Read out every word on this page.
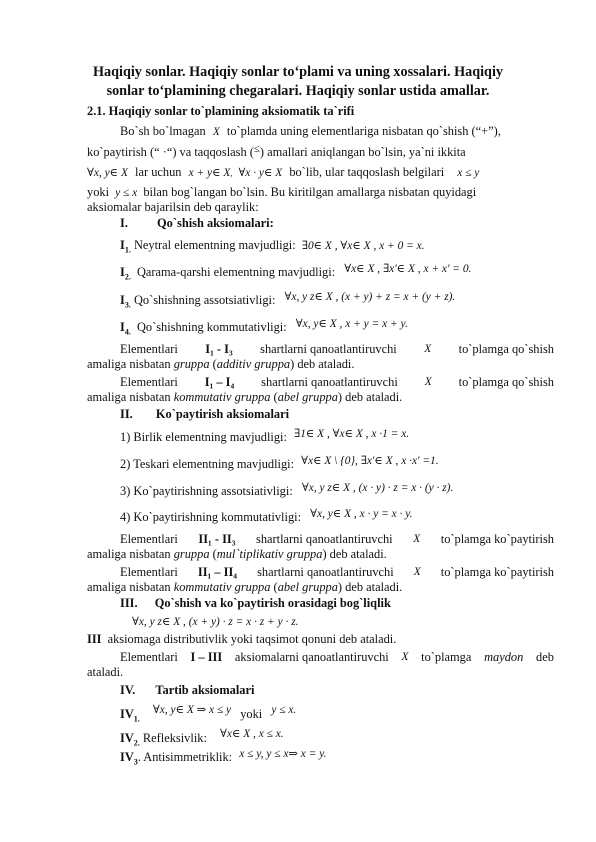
Haqiqiy sonlar. Haqiqiy sonlar to‘plami va uning xossalari. Haqiqiy
sonlar to‘plamining chegaralari. Haqiqiy sonlar ustida amallar.
2.1. Haqiqiy sonlar to`plamining aksiomatik ta`rifi
Bo`sh bo`lmagan X to`plamda uning elementlariga nisbatan qo`shish (“+”),
ko`paytirish (“ ·“) va taqqoslash (≤) amallari aniqlangan bo`lsin, ya`ni ikkita
∀x, y∈ X lar uchun x + y∈ X, ∀x · y∈ X bo`lib, ular taqqoslash belgilari x ≤ y
yoki y ≤ x bilan bog`langan bo`lsin. Bu kiritilgan amallarga nisbatan quyidagi
aksiomalar bajarilsin deb qaraylik:
I. Qo`shish aksiomalari:
$I_{1.}$ Neytral elementning mavjudligi: ∃0∈ X , ∀x∈ X , x + 0 = x.
$I_{2.}$ Qarama-qarshi elementning mavjudligi: ∀x∈ X , ∃x′∈ X , x + x′ = 0.
$I_{3.}$ Qo`shishning assotsiativligi: ∀x, y z∈ X , (x + y) + z = x + (y + z).
$I_{4.}$ Qo`shishning kommutativligi: ∀x, y∈ X , x + y = x + y.
Elementlari I₁ - I₃ shartlarni qanoatlantiruvchi X to`plamga qo`shish
amaliga nisbatan gruppa (additiv gruppa) deb ataladi.
Elementlari I₁ – I₄ shartlarni qanoatlantiruvchi X to`plamga qo`shish
amaliga nisbatan kommutativ gruppa (abel gruppa) deb ataladi.
II. Ko`paytirish aksiomalari
1) Birlik elementning mavjudligi: ∃1∈ X , ∀x∈ X , x ·1 = x.
2) Teskari elementning mavjudligi: ∀x∈ X \ {0}, ∃x′∈ X , x ·x′ =1.
3) Ko`paytirishning assotsiativligi: ∀x, y z∈ X , (x · y) · z = x · (y · z).
4) Ko`paytirishning kommutativligi: ∀x, y∈ X , x · y = x · y.
Elementlari II₁ - II₃ shartlarni qanoatlantiruvchi X to`plamga ko`paytirish
amaliga nisbatan gruppa (mul`tiplikativ gruppa) deb ataladi.
Elementlari II₁ – II₄ shartlarni qanoatlantiruvchi X to`plamga ko`paytirish
amaliga nisbatan kommutativ gruppa (abel gruppa) deb ataladi.
III. Qo`shish va ko`paytirish orasidagi bog`liqlik
∀x, y z∈ X , (x + y) · z = x · z + y · z.
III aksiomaga distributivlik yoki taqsimot qonuni deb ataladi.
Elementlari I – III aksiomalarni qanoatlantiruvchi X to`plamga maydon deb
ataladi.
IV. Tartib aksiomalari
$IV_{1.}$ ∀x, y∈ X ⇒ x ≤ y yoki y ≤ x.
$IV_{2.}$ Refleksivlik: ∀x∈ X , x ≤ x.
$IV_3$. Antisimmetriklik: x ≤ y, y ≤ x⇒ x = y.
